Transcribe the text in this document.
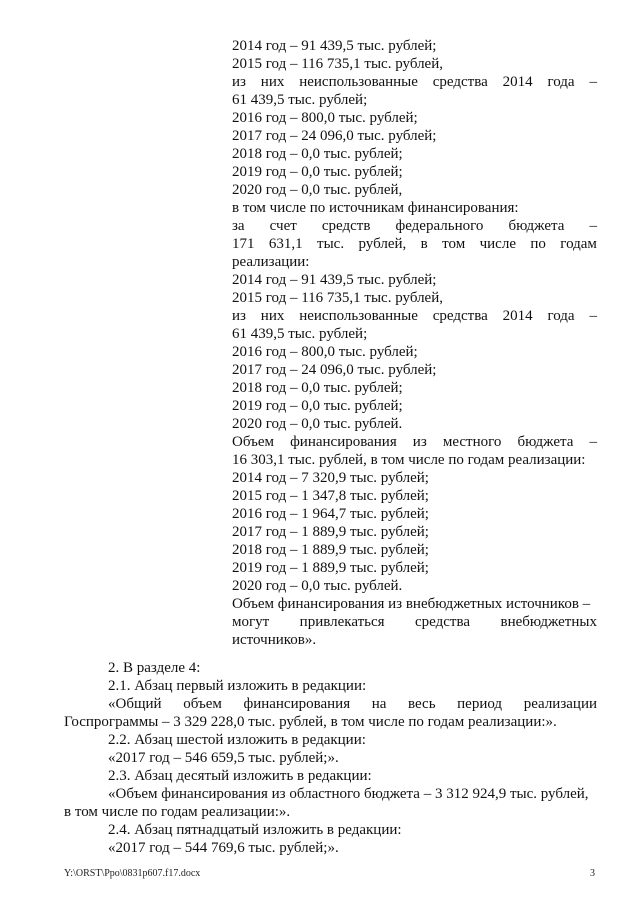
2014 год – 91 439,5 тыс. рублей;
2015 год – 116 735,1 тыс. рублей,
из них неиспользованные средства 2014 года –
61 439,5 тыс. рублей;
2016 год – 800,0 тыс. рублей;
2017 год – 24 096,0 тыс. рублей;
2018 год – 0,0 тыс. рублей;
2019 год – 0,0 тыс. рублей;
2020 год – 0,0 тыс. рублей,
в том числе по источникам финансирования:
за счет средств федерального бюджета –
171 631,1 тыс. рублей, в том числе по годам
реализации:
2014 год – 91 439,5 тыс. рублей;
2015 год – 116 735,1 тыс. рублей,
из них неиспользованные средства 2014 года –
61 439,5 тыс. рублей;
2016 год – 800,0 тыс. рублей;
2017 год – 24 096,0 тыс. рублей;
2018 год – 0,0 тыс. рублей;
2019 год – 0,0 тыс. рублей;
2020 год – 0,0 тыс. рублей.
Объем финансирования из местного бюджета –
16 303,1 тыс. рублей, в том числе по годам реализации:
2014 год – 7 320,9 тыс. рублей;
2015 год – 1 347,8 тыс. рублей;
2016 год – 1 964,7 тыс. рублей;
2017 год – 1 889,9 тыс. рублей;
2018 год – 1 889,9 тыс. рублей;
2019 год – 1 889,9 тыс. рублей;
2020 год – 0,0 тыс. рублей.
Объем финансирования из внебюджетных источников –
могут привлекаться средства внебюджетных
источников».
2. В разделе 4:
2.1. Абзац первый изложить в редакции:
«Общий объем финансирования на весь период реализации
Госпрограммы – 3 329 228,0 тыс. рублей, в том числе по годам реализации:».
2.2. Абзац шестой изложить в редакции:
«2017 год – 546 659,5 тыс. рублей;».
2.3. Абзац десятый изложить в редакции:
«Объем финансирования из областного бюджета – 3 312 924,9 тыс. рублей,
в том числе по годам реализации:».
2.4. Абзац пятнадцатый изложить в редакции:
«2017 год – 544 769,6 тыс. рублей;».
Y:\ORST\Ppo\0831p607.f17.docx	3
